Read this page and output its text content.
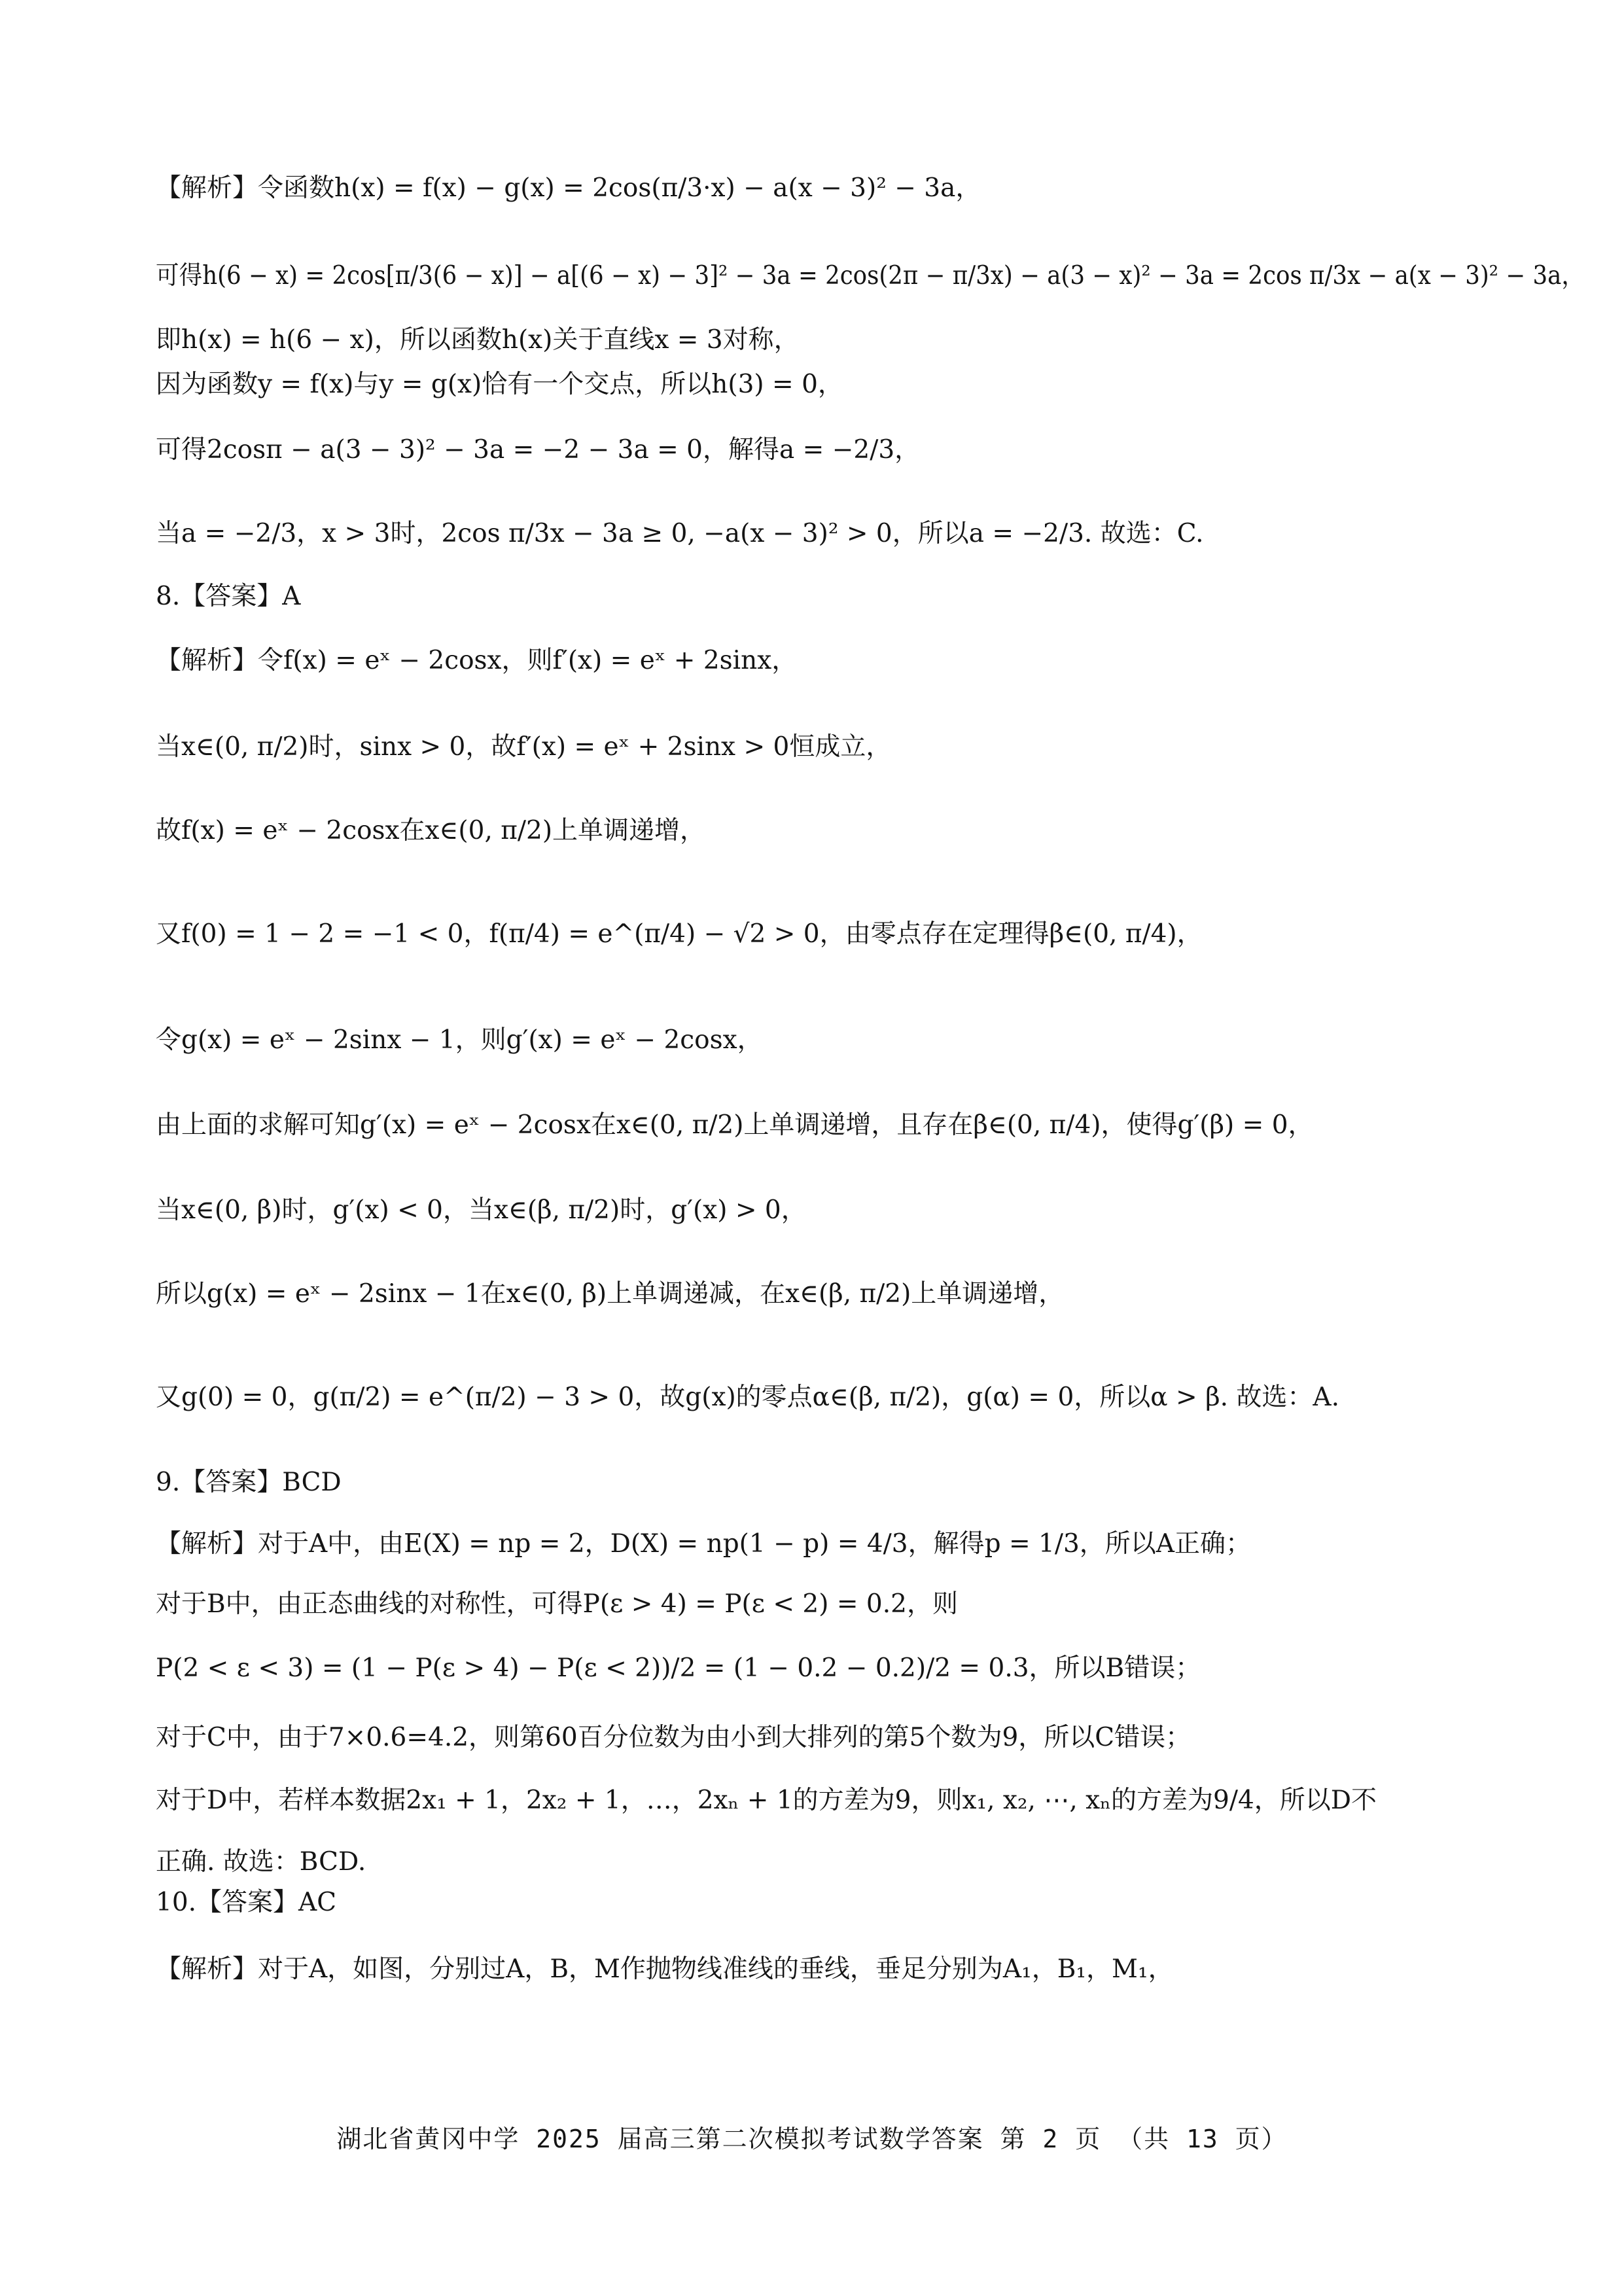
【解析】令函数h(x) = f(x) − g(x) = 2cos(π/3·x) − a(x − 3)² − 3a，
可得h(6 − x) = 2cos[π/3(6 − x)] − a[(6 − x) − 3]² − 3a = 2cos(2π − π/3x) − a(3 − x)² − 3a = 2cos π/3x − a(x − 3)² − 3a，
即h(x) = h(6 − x)，所以函数h(x)关于直线x = 3对称，
因为函数y = f(x)与y = g(x)恰有一个交点，所以h(3) = 0，
可得2cosπ − a(3 − 3)² − 3a = −2 − 3a = 0，解得a = −2/3，
当a = −2/3，x > 3时，2cos π/3x − 3a ≥ 0, −a(x − 3)² > 0，所以a = −2/3. 故选：C.
8.【答案】A
【解析】令f(x) = eˣ − 2cosx，则f′(x) = eˣ + 2sinx，
当x∈(0, π/2)时，sinx > 0，故f′(x) = eˣ + 2sinx > 0恒成立，
故f(x) = eˣ − 2cosx在x∈(0, π/2)上单调递增，
又f(0) = 1 − 2 = −1 < 0，f(π/4) = e^(π/4) − √2 > 0，由零点存在定理得β∈(0, π/4)，
令g(x) = eˣ − 2sinx − 1，则g′(x) = eˣ − 2cosx，
由上面的求解可知g′(x) = eˣ − 2cosx在x∈(0, π/2)上单调递增，且存在β∈(0, π/4)，使得g′(β) = 0，
当x∈(0, β)时，g′(x) < 0，当x∈(β, π/2)时，g′(x) > 0，
所以g(x) = eˣ − 2sinx − 1在x∈(0, β)上单调递减，在x∈(β, π/2)上单调递增，
又g(0) = 0，g(π/2) = e^(π/2) − 3 > 0，故g(x)的零点α∈(β, π/2)，g(α) = 0，所以α > β. 故选：A.
9.【答案】BCD
【解析】对于A中，由E(X) = np = 2，D(X) = np(1 − p) = 4/3，解得p = 1/3，所以A正确；
对于B中，由正态曲线的对称性，可得P(ε > 4) = P(ε < 2) = 0.2，则
P(2 < ε < 3) = (1 − P(ε > 4) − P(ε < 2))/2 = (1 − 0.2 − 0.2)/2 = 0.3，所以B错误；
对于C中，由于7×0.6=4.2，则第60百分位数为由小到大排列的第5个数为9，所以C错误；
对于D中，若样本数据2x₁ + 1，2x₂ + 1，…，2xₙ + 1的方差为9，则x₁, x₂, ⋯, xₙ的方差为9/4，所以D不
正确. 故选：BCD.
10.【答案】AC
【解析】对于A，如图，分别过A，B，M作抛物线准线的垂线，垂足分别为A₁，B₁，M₁，
湖北省黄冈中学 2025 届高三第二次模拟考试数学答案 第 2 页 （共 13 页）
